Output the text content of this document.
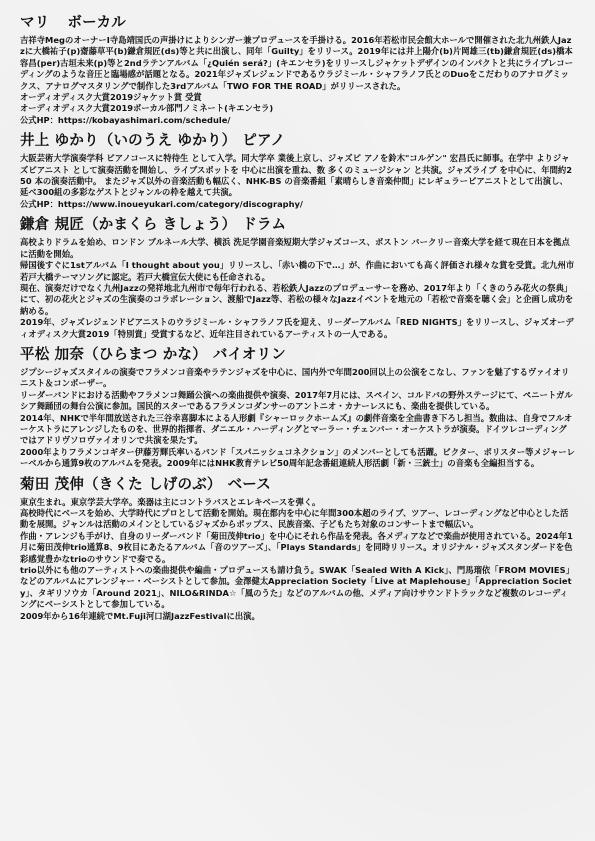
マリ ボーカル

吉祥寺MegのオーナーI寺島靖国氏の声掛けによりシンガー兼プロデュースを手掛ける。2016年若松市民会館大ホールで開催された北九州鉄人Jazzに大橋祐子(p)齋藤草平(b)鎌倉規匠(ds)等と共に出演し、同年「Guilty」をリリース。2019年には井上陽介(b)片岡雄三(tb)鎌倉規匠(ds)橋本容昌(per)古垣未来(p)等と2ndラテンアルバム「¿Quién será?」(キエンセラ)をリリースしジャケットデザインのインパクトと共にライブレコーディングのような音圧と臨場感が話題となる。2021年ジャズレジェンドであるウラジミール・シャフラノフ氏とのDuoをこだわりのアナログミックス、アナログマスタリングで制作した3rdアルバム「TWO FOR THE ROAD」がリリースされた。

オーディオディスク大賞2019ジャケット賞 受賞

オーディオディスク大賞2019ボーカル部門ノミネート(キエンセラ)

公式HP：https://kobayashimari.com/schedule/

井上 ゆかり（いのうえ ゆかり） ピアノ

大阪芸術大学演奏学科 ピアノコースに特待生 として入学。同大学卒 業後上京し、ジャズピ アノを鈴木"コルゲン" 宏昌氏に師事。在学中 よりジャズピアニスト として演奏活動を開始し、ライブスポットを 中心に出演を重ね、数 多くのミュージシャン と共演。ジャズライブ を中心に、年間約250 本の演奏活動中。 またジャズ以外の音楽活動も幅広く、NHK-BS の音楽番組「素晴らしき音楽仲間」にレギュラーピアニストとして出演し、延べ300組の多彩なゲストとジャンルの枠を越えて共演。

公式HP：https://www.inoueyukari.com/category/discography/

鎌倉 規匠（かまくら きしょう） ドラム

高校よりドラムを始め、ロンドン ブルネール大学、横浜 洗足学園音楽短期大学ジャズコース、ボストン バークリー音楽大学を経て現在日本を拠点に活動を開始。

帰国後すぐに1stアルバム「I thought about you」リリースし、「赤い橋の下で…」が、作曲においても高く評価され様々な賞を受賞。北九州市若戸大橋テーマソングに認定。若戸大橋宣伝大使にも任命される。

現在、演奏だけでなく九州Jazzの発祥地北九州市で毎年行われる、若松鉄人Jazzのプロデューサーを務め、2017年より「くきのうみ花火の祭典」にて、初の花火とジャズの生演奏のコラボレーション、渡船でJazz等、若松の様々なJazzイベントを地元の「若松で音楽を聴く会」と企画し成功を納める。

2019年、ジャズレジェンドピアニストのウラジミール・シャフラノフ氏を迎え、リーダーアルバム「RED NIGHTS」をリリースし、ジャズオーディオディスク大賞2019「特別賞」受賞するなど、近年注目されているアーティストの一人である。

平松 加奈（ひらまつ かな） バイオリン

ジプシージャズスタイルの演奏でフラメンコ音楽やラテンジャズを中心に、国内外で年間200回以上の公演をこなし、ファンを魅了するヴァイオリニスト＆コンポーザー。

リーダーバンドにおける活動やフラメンコ舞踊公演への楽曲提供や演奏、2017年7月には、スペイン、コルドバの野外ステージにて、ペニートガルシア舞踊団の舞台公演に参加。国民的スターであるフラメンコダンサーのアントニオ・カナーレスにも、楽曲を提供している。

2014年、NHKで半年間放送された三谷幸喜脚本による人形劇『シャーロックホームズ』の劇伴音楽を全曲書き下ろし担当。数曲は、自身でフルオーケストラにアレンジしたものを、世界的指揮者、ダニエル・ハーディングとマーラー・チェンバー・オーケストラが演奏。ドイツレコーディングではアドリヴソロヴァイオリンで共演を果たす。

2000年よりフラメンコギター伊藤芳輝氏率いるバンド「スパニッシュコネクション」のメンバーとしても活躍。ビクター、ポリスター等メジャーレーベルから通算9枚のアルバムを発表。2009年にはNHK教育テレビ50周年記念番組連続人形活劇「新・三銃士」の音楽も全編担当する。

菊田 茂伸（きくた しげのぶ） ベース

東京生まれ。東京学芸大学卒。楽器は主にコントラバスとエレキベースを弾く。

高校時代にベースを始め、大学時代にプロとして活動を開始。現在都内を中心に年間300本超のライブ、ツアー、レコーディングなど中心とした活動を展開。ジャンルは活動のメインとしているジャズからポップス、民族音楽、子どもたち対象のコンサートまで幅広い。

作曲・アレンジも手がけ、自身のリーダーバンド「菊田茂伸trio」を中心にそれら作品を発表。各メディアなどで楽曲が使用されている。2024年1月に菊田茂伸trio通算8、9枚目にあたるアルバム「音のツアーズ」、「Plays Standards」を同時リリース。オリジナル・ジャズスタンダードを色彩感覚豊かなtrioのサウンドで奏でる。

trio以外にも他のアーティストへの楽曲提供や編曲・プロデュースも請け負う。SWAK「Sealed With A Kick」、門馬瑠依「FROM MOVIES」などのアルバムにアレンジャー・ベーシストとして参加。金澤健太Appreciation Society「Live at Maplehouse」「Appreciation Society」、タギリソウカ「Around 2021」、NILO&RINDA☆「風のうた」などのアルバムの他、メディア向けサウンドトラックなど複数のレコーディングにベーシストとして参加している。

2009年から16年連続でMt.Fuji河口湖JazzFestivalに出演。
